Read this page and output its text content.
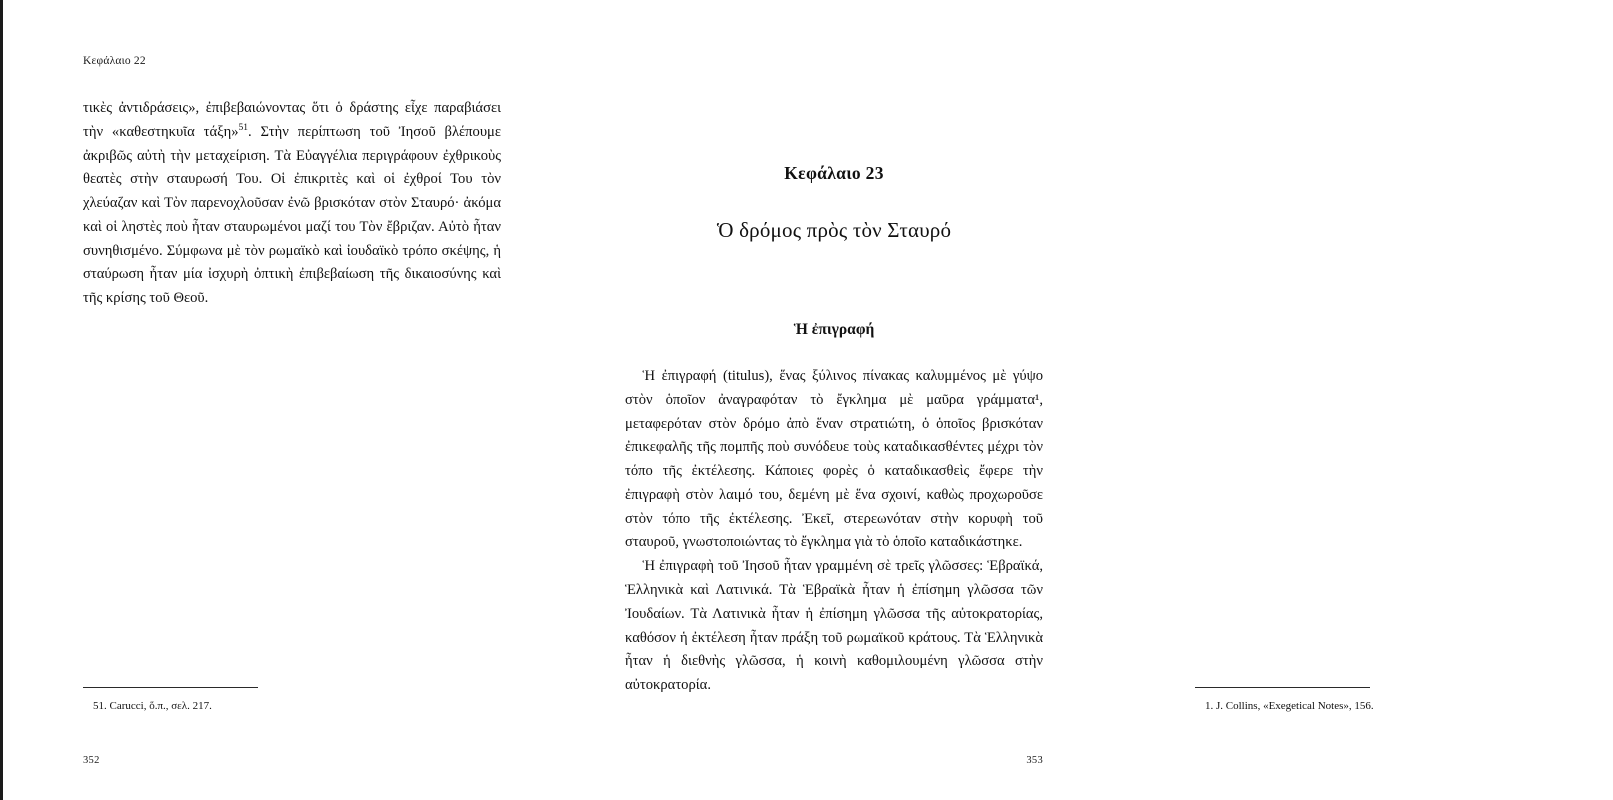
Κεφάλαιο 22

τικὲς ἀντιδράσεις», ἐπιβεβαιώνοντας ὅτι ὁ δράστης εἶχε παραβιάσει τὴν «καθεστηκυῖα τάξη»$^{51}$. Στὴν περίπτωση τοῦ Ἰησοῦ βλέπουμε ἀκριβῶς αὐτὴ τὴν μεταχείριση. Τὰ Εὐαγγέλια περιγράφουν ἐχθρικοὺς θεατὲς στὴν σταυρωσή Του. Οἱ ἐπικριτὲς καὶ οἱ ἐχθροί Του τὸν χλεύαζαν καὶ Τὸν παρενοχλοῦσαν ἐνῶ βρισκόταν στὸν Σταυρό· ἀκόμα καὶ οἱ ληστὲς ποὺ ἦταν σταυρωμένοι μαζί του Τὸν ἔβριζαν. Αὐτὸ ἦταν συνηθισμένο. Σύμφωνα μὲ τὸν ρωμαϊκὸ καὶ ἰουδαϊκὸ τρόπο σκέψης, ἡ σταύρωση ἦταν μία ἰσχυρὴ ὀπτικὴ ἐπιβεβαίωση τῆς δικαιοσύνης καὶ τῆς κρίσης τοῦ Θεοῦ.

51. Carucci, ὅ.π., σελ. 217.
352
Κεφάλαιο 23
Ὁ δρόμος πρὸς τὸν Σταυρό
Ἡ ἐπιγραφή

Ἡ ἐπιγραφή (titulus), ἕνας ξύλινος πίνακας καλυμμένος μὲ γύψο στὸν ὁποῖον ἀναγραφόταν τὸ ἔγκλημα μὲ μαῦρα γράμματα¹, μεταφερόταν στὸν δρόμο ἀπὸ ἕναν στρατιώτη, ὁ ὁποῖος βρισκόταν ἐπικεφαλῆς τῆς πομπῆς ποὺ συνόδευε τοὺς καταδικασθέντες μέχρι τὸν τόπο τῆς ἐκτέλεσης. Κάποιες φορὲς ὁ καταδικασθεὶς ἔφερε τὴν ἐπιγραφὴ στὸν λαιμό του, δεμένη μὲ ἕνα σχοινί, καθὼς προχωροῦσε στὸν τόπο τῆς ἐκτέλεσης. Ἐκεῖ, στερεωνόταν στὴν κορυφὴ τοῦ σταυροῦ, γνωστοποιώντας τὸ ἔγκλημα γιὰ τὸ ὁποῖο καταδικάστηκε.

Ἡ ἐπιγραφὴ τοῦ Ἰησοῦ ἦταν γραμμένη σὲ τρεῖς γλῶσσες: Ἑβραϊκά, Ἑλληνικὰ καὶ Λατινικά. Τὰ Ἑβραϊκὰ ἦταν ἡ ἐπίσημη γλῶσσα τῶν Ἰουδαίων. Τὰ Λατινικὰ ἦταν ἡ ἐπίσημη γλῶσσα τῆς αὐτοκρατορίας, καθόσον ἡ ἐκτέλεση ἦταν πράξη τοῦ ρωμαϊκοῦ κράτους. Τὰ Ἑλληνικὰ ἦταν ἡ διεθνὴς γλῶσσα, ἡ κοινὴ καθομιλουμένη γλῶσσα στὴν αὐτοκρατορία.

1. J. Collins, «Exegetical Notes», 156.
353
